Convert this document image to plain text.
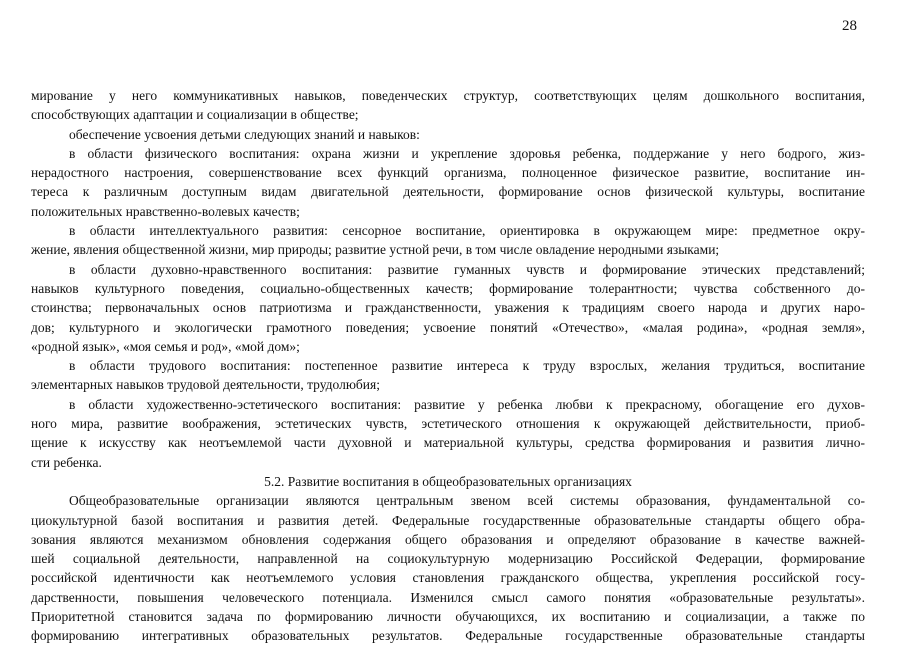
28
мирование у него коммуникативных навыков, поведенческих структур, соответствующих целям дошкольного воспитания,
способствующих адаптации и социализации в обществе;
обеспечение усвоения детьми следующих знаний и навыков:
в области физического воспитания: охрана жизни и укрепление здоровья ребенка, поддержание у него бодрого, жиз-
нерадостного настроения, совершенствование всех функций организма, полноценное физическое развитие, воспитание ин-
тереса к различным доступным видам двигательной деятельности, формирование основ физической культуры, воспитание
положительных нравственно-волевых качеств;
в области интеллектуального развития: сенсорное воспитание, ориентировка в окружающем мире: предметное окру-
жение, явления общественной жизни, мир природы; развитие устной речи, в том числе овладение неродными языками;
в области духовно-нравственного воспитания: развитие гуманных чувств и формирование этических представлений;
навыков культурного поведения, социально-общественных качеств; формирование толерантности; чувства собственного до-
стоинства; первоначальных основ патриотизма и гражданственности, уважения к традициям своего народа и других наро-
дов; культурного и экологически грамотного поведения; усвоение понятий «Отечество», «малая родина», «родная земля»,
«родной язык», «моя семья и род», «мой дом»;
в области трудового воспитания: постепенное развитие интереса к труду взрослых, желания трудиться, воспитание
элементарных навыков трудовой деятельности, трудолюбия;
в области художественно-эстетического воспитания: развитие у ребенка любви к прекрасному, обогащение его духов-
ного мира, развитие воображения, эстетических чувств, эстетического отношения к окружающей действительности, приоб-
щение к искусству как неотъемлемой части духовной и материальной культуры, средства формирования и развития лично-
сти ребенка.
5.2. Развитие воспитания в общеобразовательных организациях
Общеобразовательные организации являются центральным звеном всей системы образования, фундаментальной со-
циокультурной базой воспитания и развития детей. Федеральные государственные образовательные стандарты общего обра-
зования являются механизмом обновления содержания общего образования и определяют образование в качестве важней-
шей социальной деятельности, направленной на социокультурную модернизацию Российской Федерации, формирование
российской идентичности как неотъемлемого условия становления гражданского общества, укрепления российской госу-
дарственности, повышения человеческого потенциала. Изменился смысл самого понятия «образовательные результаты».
Приоритетной становится задача по формированию личности обучающихся, их воспитанию и социализации, а также по
формированию интегративных образовательных результатов. Федеральные государственные образовательные стандарты
